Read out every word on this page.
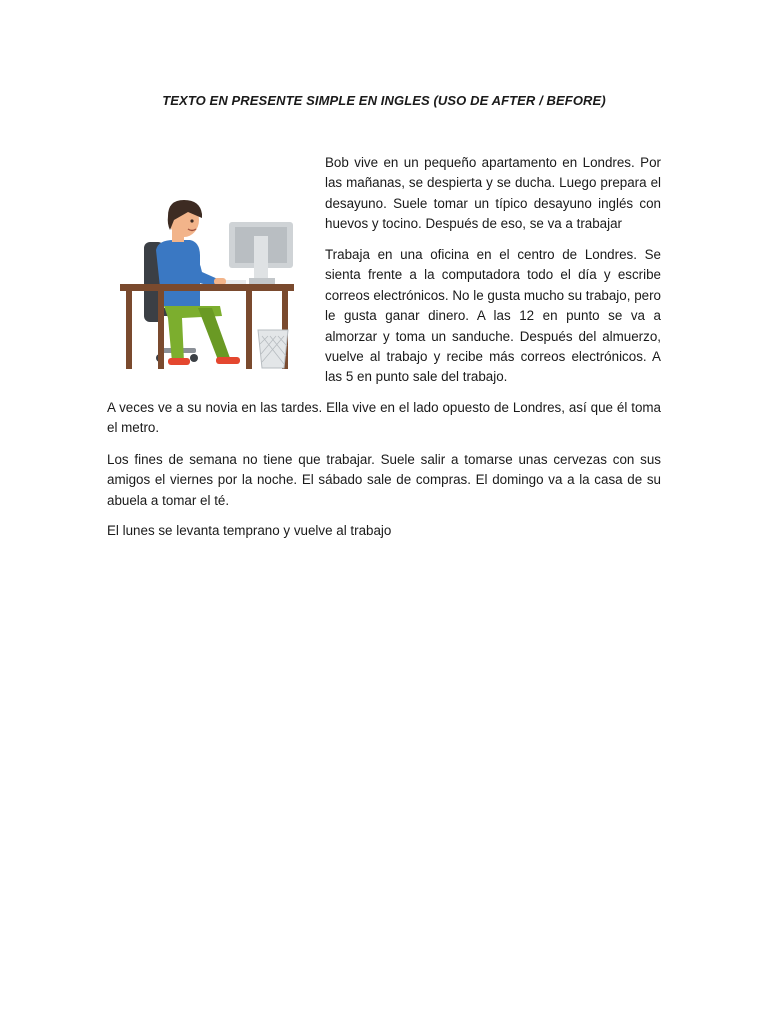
TEXTO EN PRESENTE SIMPLE EN INGLES (USO DE AFTER / BEFORE)

Bob vive en un pequeño apartamento en Londres. Por las mañanas, se despierta y se ducha. Luego prepara el desayuno. Suele tomar un típico desayuno inglés con huevos y tocino. Después de eso, se va a trabajar

Trabaja en una oficina en el centro de Londres. Se sienta frente a la computadora todo el día y escribe correos electrónicos. No le gusta mucho su trabajo, pero le gusta ganar dinero. A las 12 en punto se va a almorzar y toma un sanduche. Después del almuerzo, vuelve al trabajo y recibe más correos electrónicos. A las 5 en punto sale del trabajo.

A veces ve a su novia en las tardes. Ella vive en el lado opuesto de Londres, así que él toma el metro.

Los fines de semana no tiene que trabajar. Suele salir a tomarse unas cervezas con sus amigos el viernes por la noche. El sábado sale de compras. El domingo va a la casa de su abuela a tomar el té.

El lunes se levanta temprano y vuelve al trabajo
